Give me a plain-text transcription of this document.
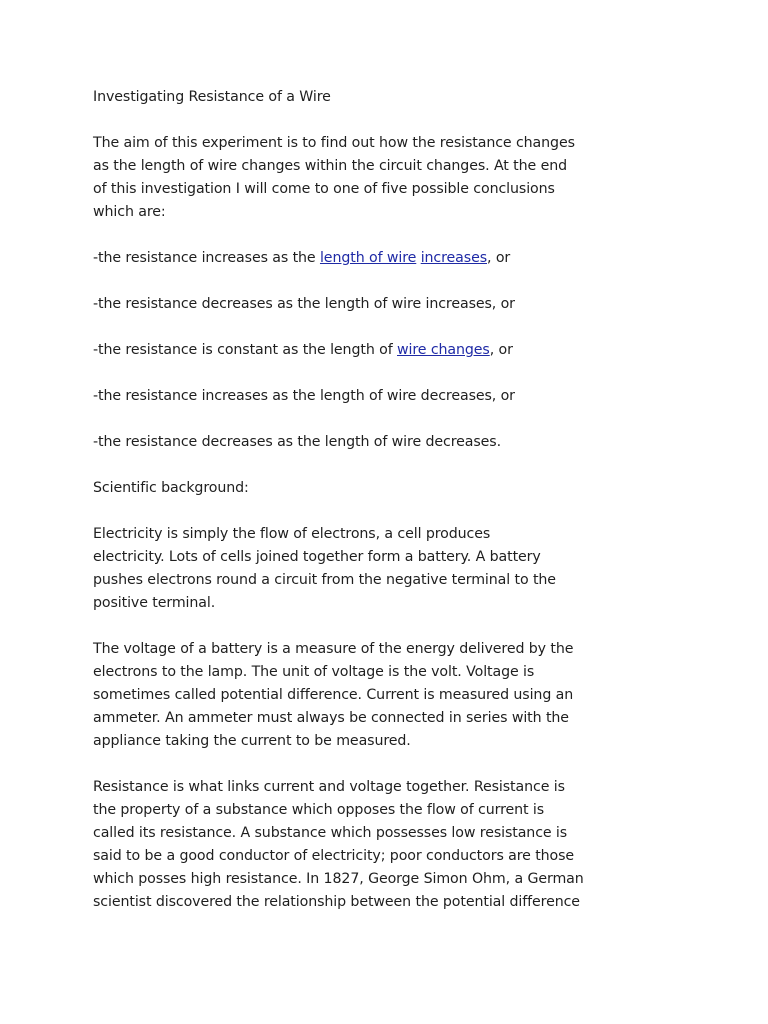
Investigating Resistance of a Wire
The aim of this experiment is to find out how the resistance changes
as the length of wire changes within the circuit changes. At the end
of this investigation I will come to one of five possible conclusions
which are:
-the resistance increases as the length of wire increases, or
-the resistance decreases as the length of wire increases, or
-the resistance is constant as the length of wire changes, or
-the resistance increases as the length of wire decreases, or
-the resistance decreases as the length of wire decreases.
Scientific background:
Electricity is simply the flow of electrons, a cell produces
electricity. Lots of cells joined together form a battery. A battery
pushes electrons round a circuit from the negative terminal to the
positive terminal.
The voltage of a battery is a measure of the energy delivered by the
electrons to the lamp. The unit of voltage is the volt. Voltage is
sometimes called potential difference. Current is measured using an
ammeter. An ammeter must always be connected in series with the
appliance taking the current to be measured.
Resistance is what links current and voltage together. Resistance is
the property of a substance which opposes the flow of current is
called its resistance. A substance which possesses low resistance is
said to be a good conductor of electricity; poor conductors are those
which posses high resistance. In 1827, George Simon Ohm, a German
scientist discovered the relationship between the potential difference
